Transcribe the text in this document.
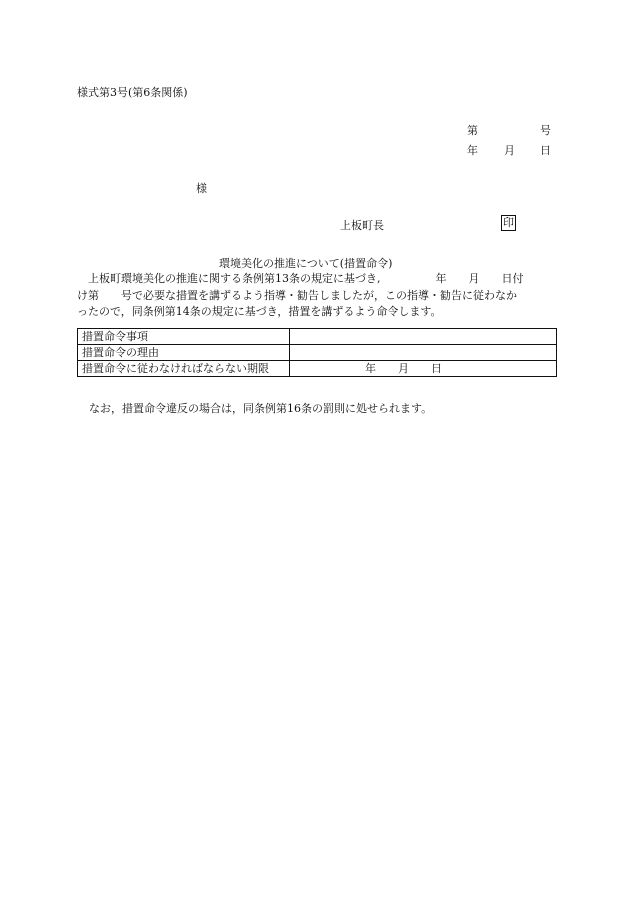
様式第3号(第6条関係)
第	号
年 月 日
様
上板町長	印
環境美化の推進について(措置命令)
　上板町環境美化の推進に関する条例第13条の規定に基づき,　　　　　年　　月　　日付
け第　　号で必要な措置を講ずるよう指導・勧告しましたが，この指導・勧告に従わなか
ったので，同条例第14条の規定に基づき，措置を講ずるよう命令します。
措置命令事項	
措置命令の理由	
措置命令に従わなければならない期限	年　　月　　日
なお，措置命令違反の場合は，同条例第16条の罰則に処せられます。
